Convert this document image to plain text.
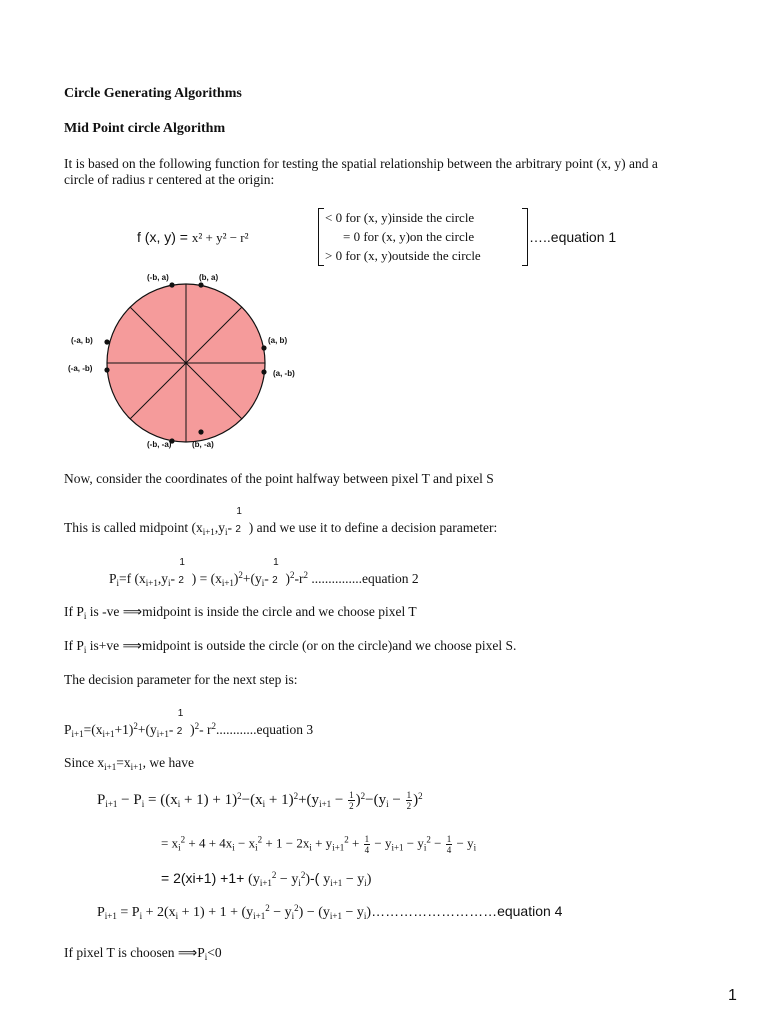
Circle Generating Algorithms
Mid Point circle Algorithm
It is based on the following function for testing the spatial relationship between the arbitrary point (x, y) and a
circle of radius r centered at the origin:
f (x, y) = x² + y² − r²
< 0 for (x, y)inside the circle
= 0 for (x, y)on the circle
> 0 for (x, y)outside the circle
…..equation 1
(-b, a)	(b, a)
(-a, b)	(a, b)
(-a, -b)
(a, -b)
(-b, -a)	(b, -a)
Now, consider the coordinates of the point halfway between pixel T and pixel S
This is called midpoint ($x_{i+1},y_i-$
1
2 ) and we use it to define a decision parameter:
$P_i=f$ ($x_{i+1},y_i-$
1
2 ) = $(x_{i+1})^2+(y_i-$
1
2 )$^2-r^2$ ...............equation 2
If $P_i$ is -ve ⟹midpoint is inside the circle and we choose pixel T
If $P_i$ is+ve ⟹midpoint is outside the circle (or on the circle)and we choose pixel S.
The decision parameter for the next step is:
$P_{i+1}=(x_{i+1}+1)^2+(y_{i+1}-$
1
2 )$^2$- $r^2............equation$ 3
Since $x_{i+1}=x_{i+1}$, we have
$P_{i+1} - P_i = ((x_i + 1) + 1)^2-(x_i + 1)^2+(y_{i+1} - \frac{1}{2} )^2-(y_i - \frac{1}{2} )^2$
= $x_i^2 + 4 + 4x_i - x_i^2 + 1 - 2x_i + y_{i+1}^2 + \frac{1}{4} - y_{i+1} - y_i^2 - \frac{1}{4} - y_i$
= $2(xi+1) +1+ (y_{i+1}^2 - y_i^2)-$( $y_{i+1} - y_i$)
$P_{i+1} = P_i + 2(x_i + 1) + 1 + (y_{i+1}^2 - y_i^2) - (y_{i+1}$ − $y_i)\dots\dots\dots\dots\dots\dots\dots\dots\dots equation$ 4
If pixel T is choosen $⟹P_i<0$
1
